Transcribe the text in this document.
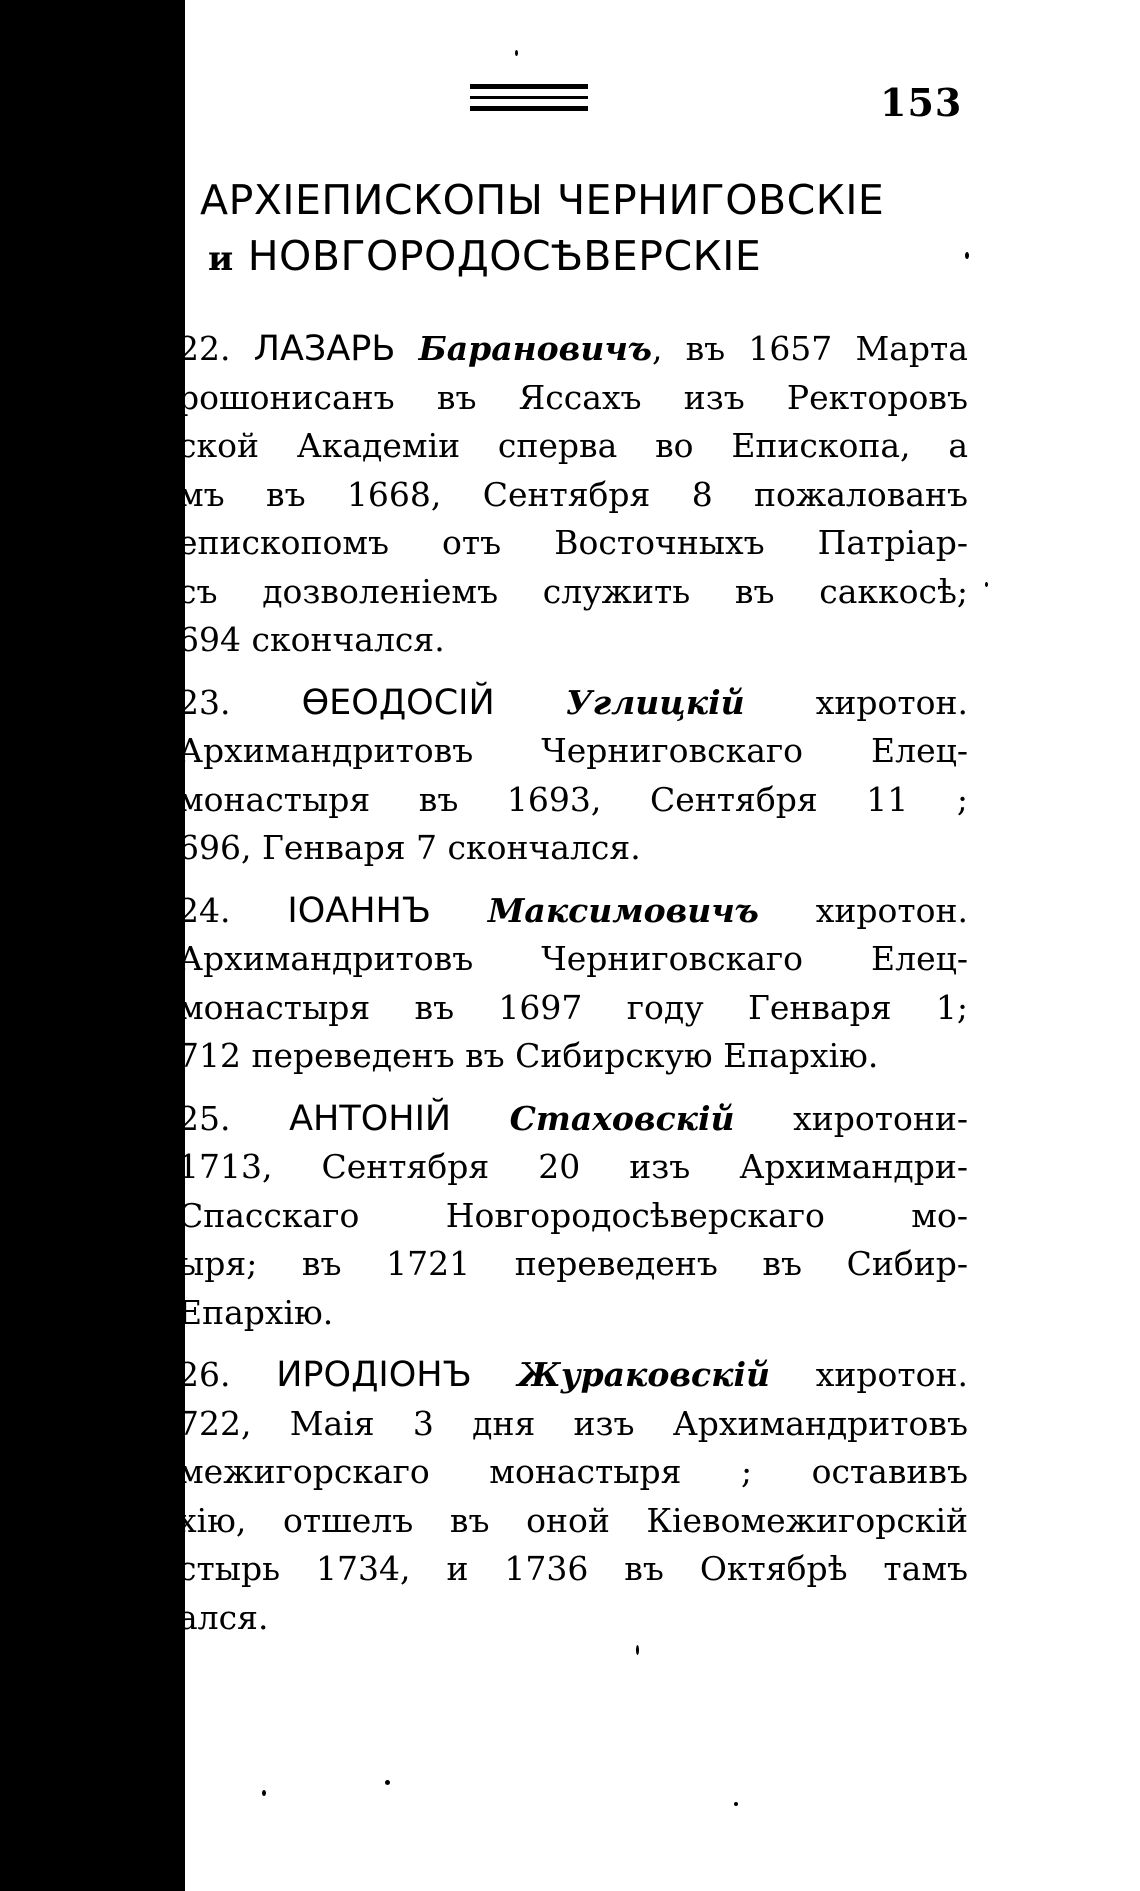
153
) АРХІЕПИСКОПЫ ЧЕРНИГОВСКІЕ
и НОВГОРОДОСѢВЕРСКІЕ
22. ЛАЗАРЬ Барановичъ, въ 1657 Марта
рошонисанъ въ Яссахъ изъ Ректоровъ
ской Академіи сперва во Епископа, а
мъ въ 1668, Сентября 8 пожалованъ
епископомъ отъ Восточныхъ Патріар-
съ дозволеніемъ служить въ саккосѣ;
694 скончался.
23. ѲЕОДОСІЙ Углицкій хиротон.
Архимандритовъ Черниговскаго Елец-
монастыря въ 1693, Сентября 11 ;
696, Генваря 7 скончался.
24. ІОАННЪ Максимовичъ хиротон.
Архимандритовъ Черниговскаго Елец-
монастыря въ 1697 году Генваря 1;
712 переведенъ въ Сибирскую Епархію.
25. АНТОНІЙ Стаховскій хиротони-
1713, Сентября 20 изъ Архимандри-
Спасскаго Новгородосѣверскаго мо-
ыря; въ 1721 переведенъ въ Сибир-
Епархію.
26. ИРОДІОНЪ Жураковскій хиротон.
722, Маія 3 дня изъ Архимандритовъ
межигорскаго монастыря ; оставивъ
хію, отшелъ въ оной Кіевомежигорскій
стырь 1734, и 1736 въ Октябрѣ тамъ
ался.
